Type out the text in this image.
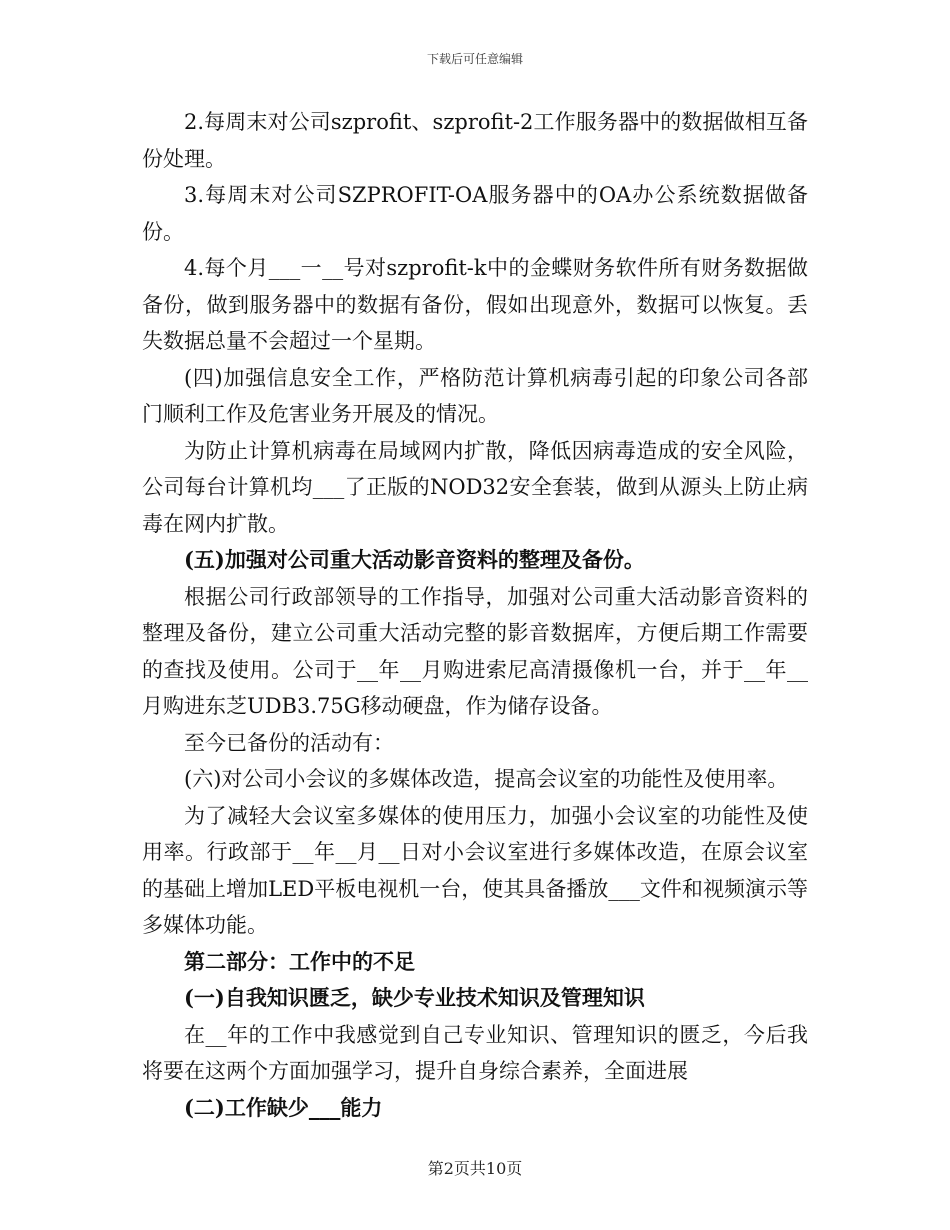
下载后可任意编辑

2.每周末对公司szprofit、szprofit-2工作服务器中的数据做相互备份处理。

3.每周末对公司SZPROFIT-OA服务器中的OA办公系统数据做备份。

4.每个月___一__号对szprofit-k中的金蝶财务软件所有财务数据做备份，做到服务器中的数据有备份，假如出现意外，数据可以恢复。丢失数据总量不会超过一个星期。

(四)加强信息安全工作，严格防范计算机病毒引起的印象公司各部门顺利工作及危害业务开展及的情况。

为防止计算机病毒在局域网内扩散，降低因病毒造成的安全风险，公司每台计算机均___了正版的NOD32安全套装，做到从源头上防止病毒在网内扩散。

(五)加强对公司重大活动影音资料的整理及备份。

根据公司行政部领导的工作指导，加强对公司重大活动影音资料的整理及备份，建立公司重大活动完整的影音数据库，方便后期工作需要的查找及使用。公司于__年__月购进索尼高清摄像机一台，并于__年__月购进东芝UDB3.75G移动硬盘，作为储存设备。

至今已备份的活动有：

(六)对公司小会议的多媒体改造，提高会议室的功能性及使用率。

为了减轻大会议室多媒体的使用压力，加强小会议室的功能性及使用率。行政部于__年__月__日对小会议室进行多媒体改造，在原会议室的基础上增加LED平板电视机一台，使其具备播放___文件和视频演示等多媒体功能。

第二部分：工作中的不足

(一)自我知识匮乏，缺少专业技术知识及管理知识

在__年的工作中我感觉到自己专业知识、管理知识的匮乏，今后我将要在这两个方面加强学习，提升自身综合素养，全面进展

(二)工作缺少___能力

第2页共10页
